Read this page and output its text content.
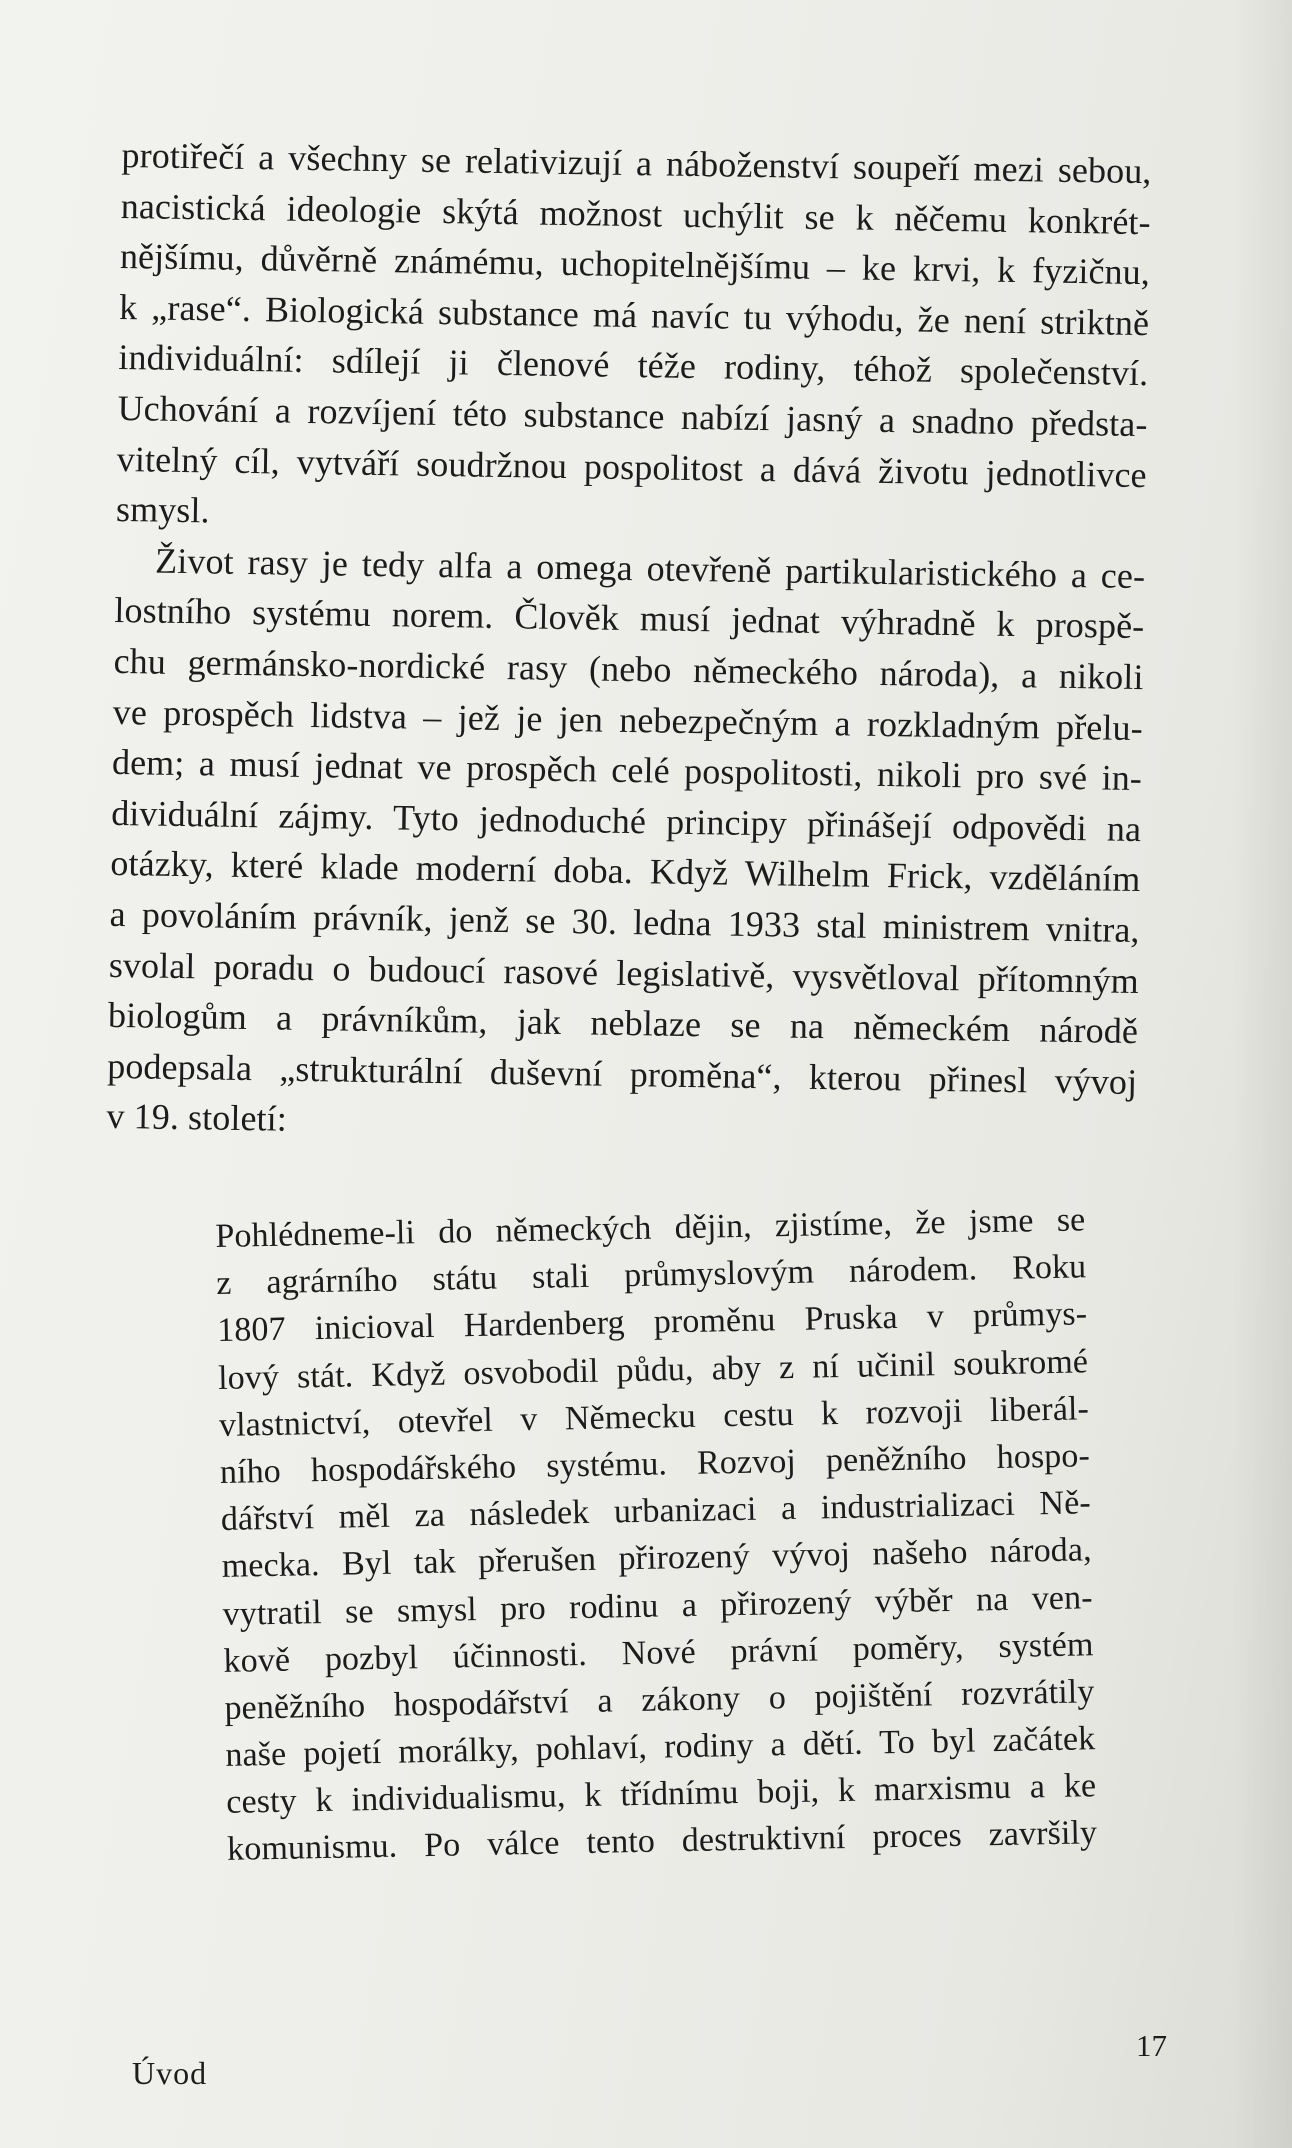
protiřečí a všechny se relativizují a náboženství soupeří mezi sebou,
nacistická ideologie skýtá možnost uchýlit se k něčemu konkrét-
nějšímu, důvěrně známému, uchopitelnějšímu – ke krvi, k fyzičnu,
k „rase“. Biologická substance má navíc tu výhodu, že není striktně
individuální: sdílejí ji členové téže rodiny, téhož společenství.
Uchování a rozvíjení této substance nabízí jasný a snadno předsta-
vitelný cíl, vytváří soudržnou pospolitost a dává životu jednotlivce
smysl.
Život rasy je tedy alfa a omega otevřeně partikularistického a ce-
lostního systému norem. Člověk musí jednat výhradně k prospě-
chu germánsko-nordické rasy (nebo německého národa), a nikoli
ve prospěch lidstva – jež je jen nebezpečným a rozkladným přelu-
dem; a musí jednat ve prospěch celé pospolitosti, nikoli pro své in-
dividuální zájmy. Tyto jednoduché principy přinášejí odpovědi na
otázky, které klade moderní doba. Když Wilhelm Frick, vzděláním
a povoláním právník, jenž se 30. ledna 1933 stal ministrem vnitra,
svolal poradu o budoucí rasové legislativě, vysvětloval přítomným
biologům a právníkům, jak neblaze se na německém národě
podepsala „strukturální duševní proměna“, kterou přinesl vývoj
v 19. století:
Pohlédneme-li do německých dějin, zjistíme, že jsme se
z agrárního státu stali průmyslovým národem. Roku
1807 inicioval Hardenberg proměnu Pruska v průmys-
lový stát. Když osvobodil půdu, aby z ní učinil soukromé
vlastnictví, otevřel v Německu cestu k rozvoji liberál-
ního hospodářského systému. Rozvoj peněžního hospo-
dářství měl za následek urbanizaci a industrializaci Ně-
mecka. Byl tak přerušen přirozený vývoj našeho národa,
vytratil se smysl pro rodinu a přirozený výběr na ven-
kově pozbyl účinnosti. Nové právní poměry, systém
peněžního hospodářství a zákony o pojištění rozvrátily
naše pojetí morálky, pohlaví, rodiny a dětí. To byl začátek
cesty k individualismu, k třídnímu boji, k marxismu a ke
komunismu. Po válce tento destruktivní proces završily
Úvod
17
